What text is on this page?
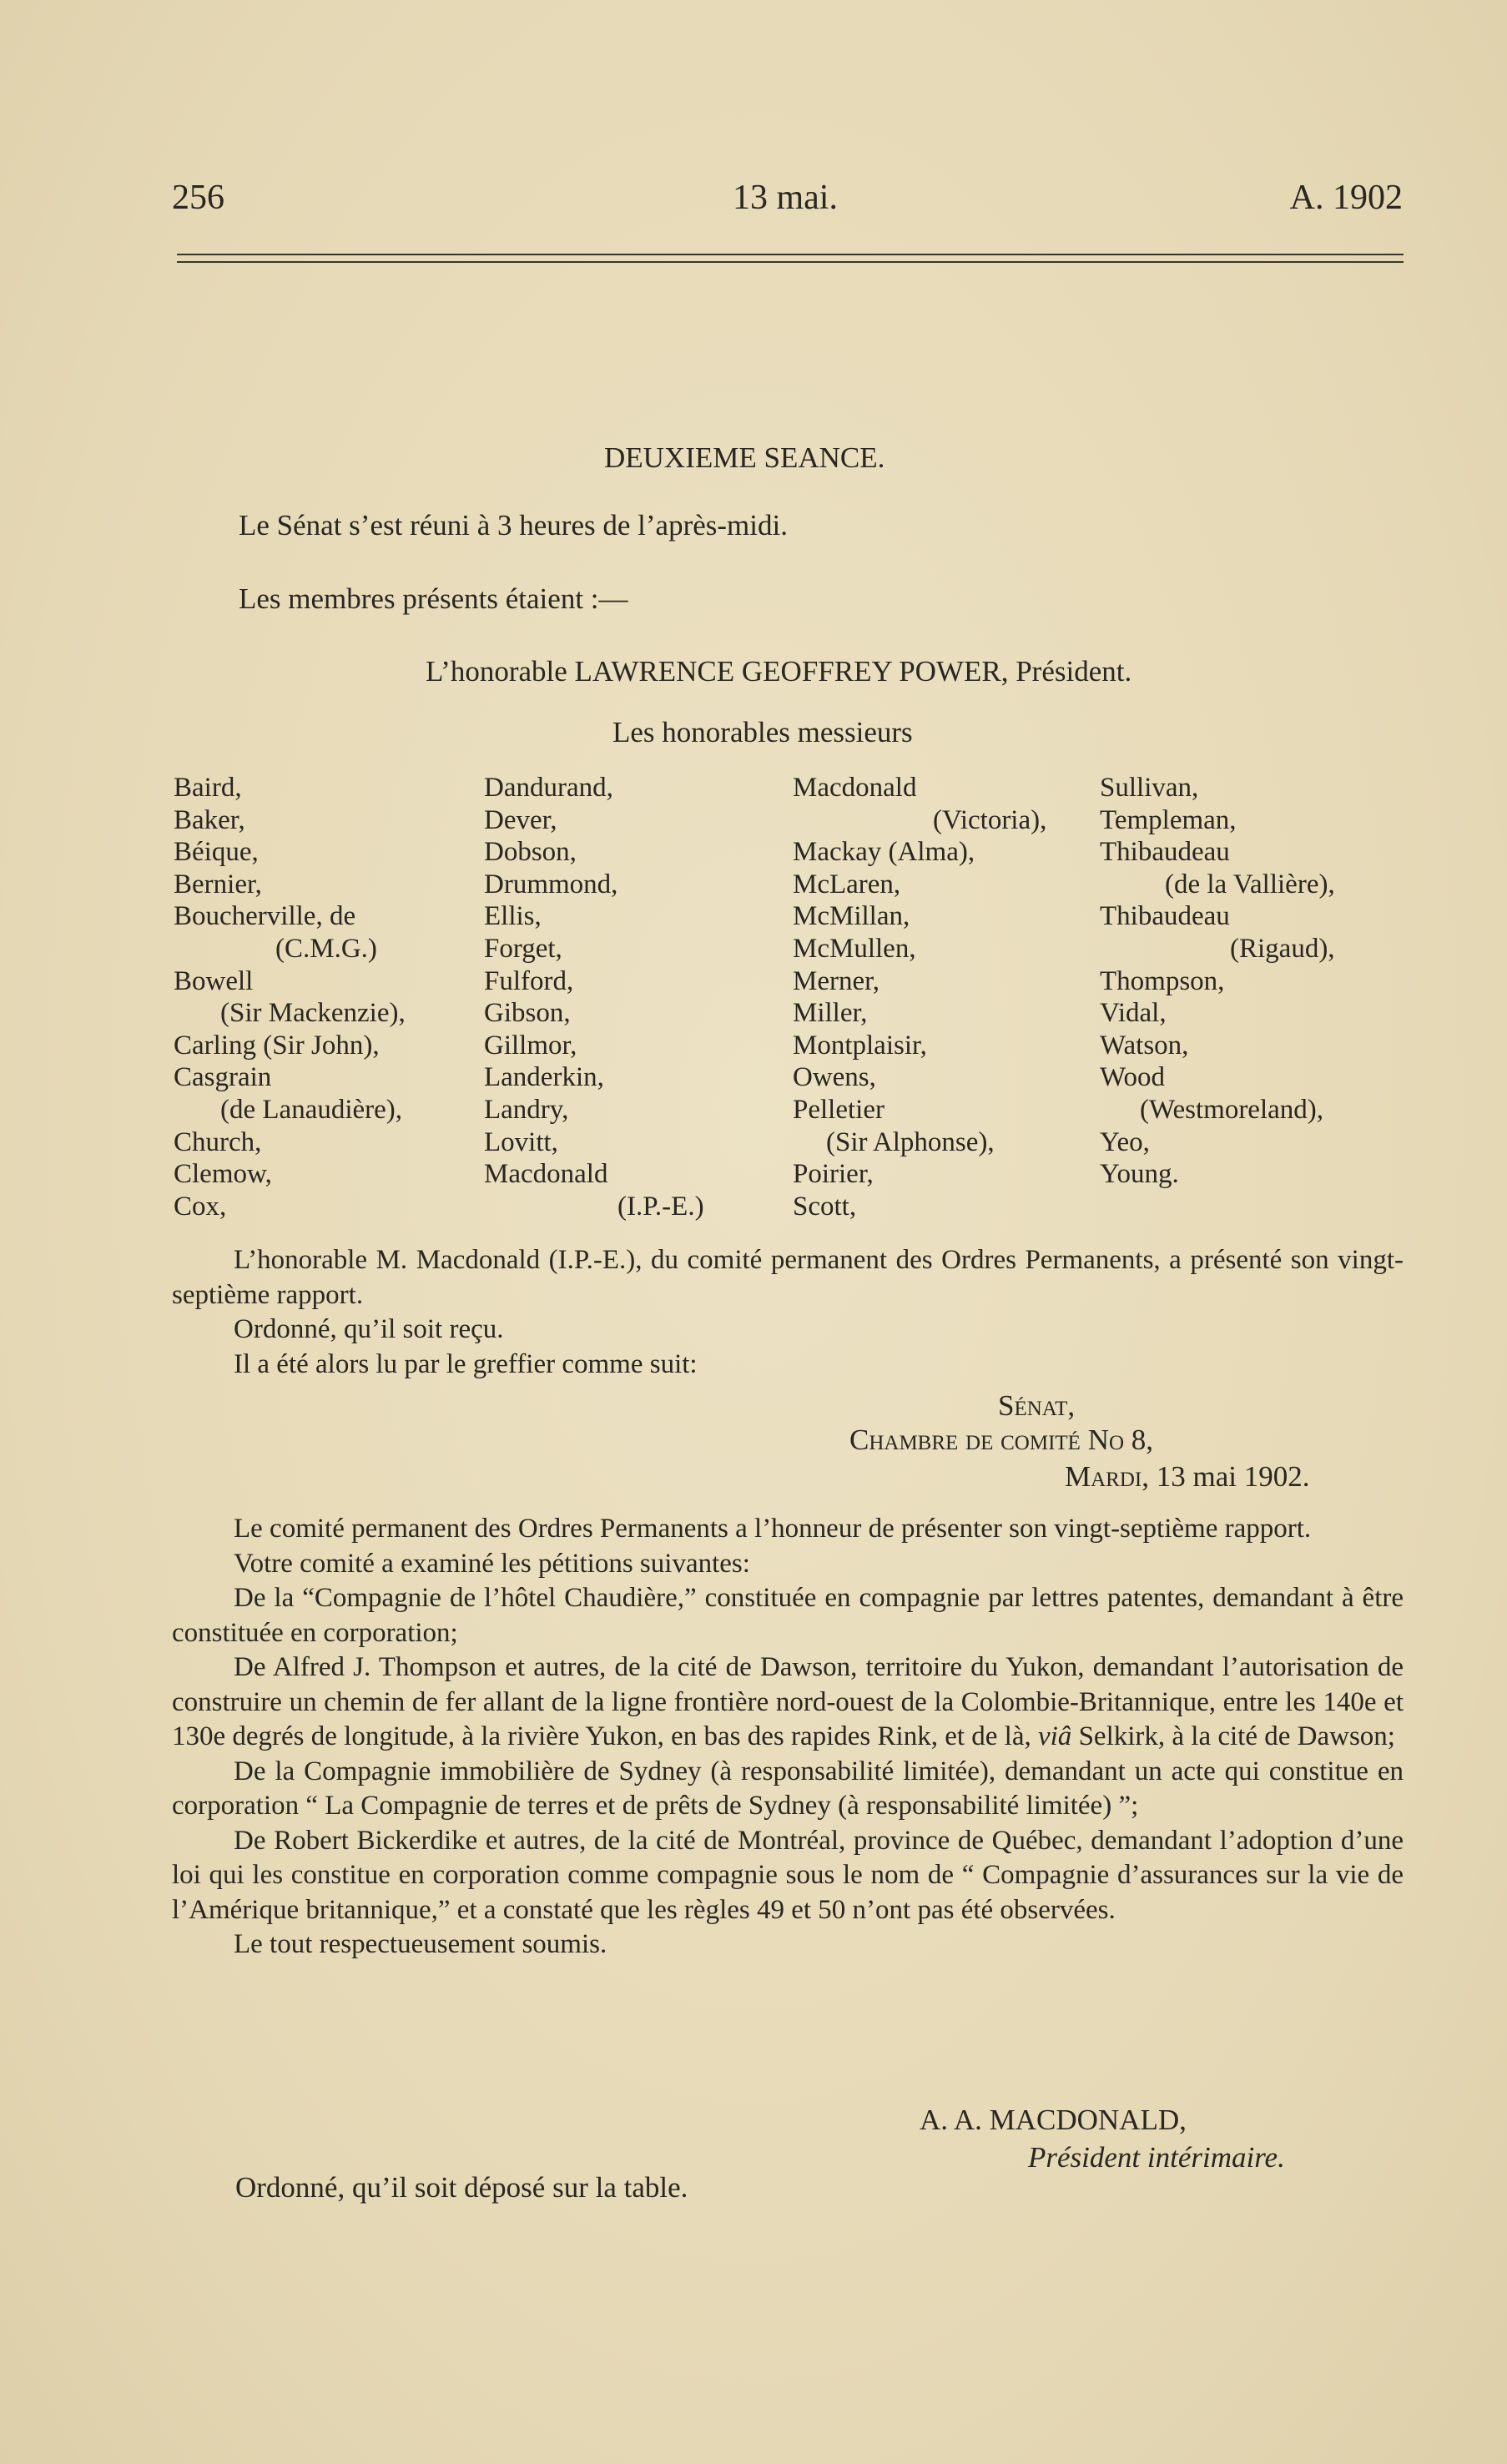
256	13 mai.	A. 1902
DEUXIEME SEANCE.
Le Sénat s’est réuni à 3 heures de l’après-midi.
Les membres présents étaient :—
L’honorable LAWRENCE GEOFFREY POWER, Président.
Les honorables messieurs
Baird,
Baker,
Béique,
Bernier,
Boucherville, de
(C.M.G.)
Bowell
(Sir Mackenzie),
Carling (Sir John),
Casgrain
(de Lanaudière),
Church,
Clemow,
Cox,
Dandurand,
Dever,
Dobson,
Drummond,
Ellis,
Forget,
Fulford,
Gibson,
Gillmor,
Landerkin,
Landry,
Lovitt,
Macdonald
(I.P.-E.)
Macdonald
(Victoria),
Mackay (Alma),
McLaren,
McMillan,
McMullen,
Merner,
Miller,
Montplaisir,
Owens,
Pelletier
(Sir Alphonse),
Poirier,
Scott,
Sullivan,
Templeman,
Thibaudeau
(de la Vallière),
Thibaudeau
(Rigaud),
Thompson,
Vidal,
Watson,
Wood
(Westmoreland),
Yeo,
Young.

L’honorable M. Macdonald (I.P.-E.), du comité permanent des Ordres Permanents, a présenté son vingt-septième rapport.

Ordonné, qu’il soit reçu.

Il a été alors lu par le greffier comme suit:

Sénat,
Chambre de comité No 8,
Mardi, 13 mai 1902.

Le comité permanent des Ordres Permanents a l’honneur de présenter son vingt-septième rapport.

Votre comité a examiné les pétitions suivantes:

De la “Compagnie de l’hôtel Chaudière,” constituée en compagnie par lettres patentes, demandant à être constituée en corporation;

De Alfred J. Thompson et autres, de la cité de Dawson, territoire du Yukon, demandant l’autorisation de construire un chemin de fer allant de la ligne frontière nord-ouest de la Colombie-Britannique, entre les 140e et 130e degrés de longitude, à la rivière Yukon, en bas des rapides Rink, et de là, viâ Selkirk, à la cité de Dawson;

De la Compagnie immobilière de Sydney (à responsabilité limitée), demandant un acte qui constitue en corporation “ La Compagnie de terres et de prêts de Sydney (à responsabilité limitée) ”;

De Robert Bickerdike et autres, de la cité de Montréal, province de Québec, demandant l’adoption d’une loi qui les constitue en corporation comme compagnie sous le nom de “ Compagnie d’assurances sur la vie de l’Amérique britannique,” et a constaté que les règles 49 et 50 n’ont pas été observées.

Le tout respectueusement soumis.

A. A. MACDONALD,
Président intérimaire.
Ordonné, qu’il soit déposé sur la table.
